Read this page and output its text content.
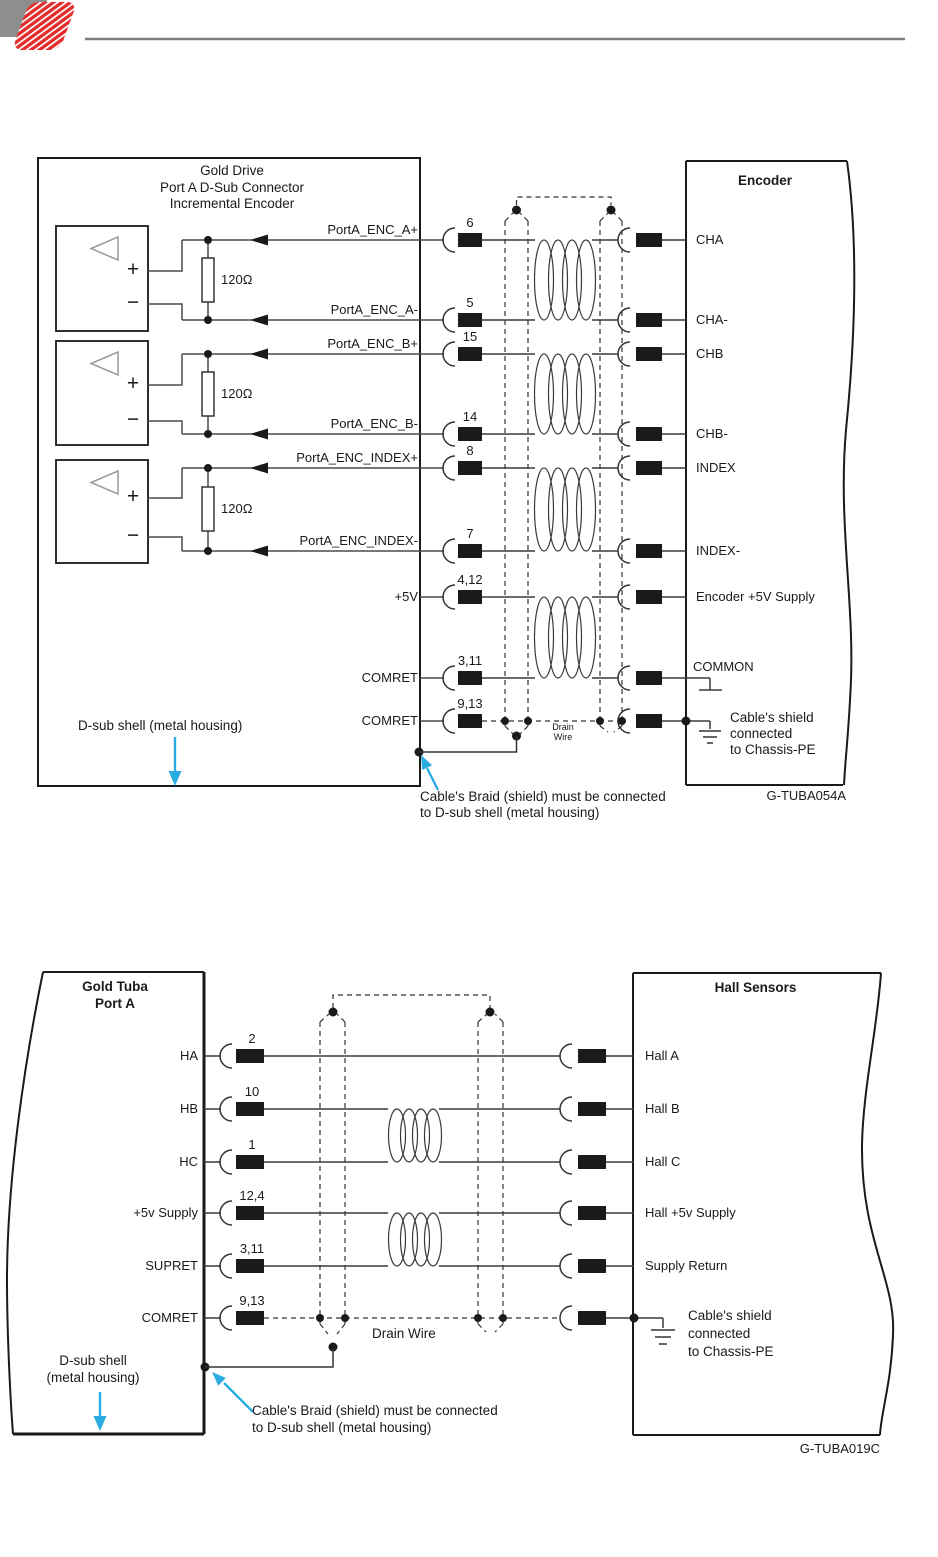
Gold Drive
Port A D-Sub Connector
Incremental Encoder
Encoder
+
−
+
−
+
−
120Ω
120Ω
120Ω
PortA_ENC_A+
PortA_ENC_A-
PortA_ENC_B+
PortA_ENC_B-
PortA_ENC_INDEX+
PortA_ENC_INDEX-
+5V
COMRET
COMRET
6
5
15
14
8
7
4,12
3,11
9,13
CHA
CHA-
CHB
CHB-
INDEX
INDEX-
Encoder +5V Supply
COMMON
Drain
Wire
Cable's shield
connected
to Chassis-PE
D-sub shell (metal housing)
Cable's Braid (shield) must be connected
to D-sub shell (metal housing)
G-TUBA054A
Gold Tuba
Port A
Hall Sensors
HA
HB
HC
+5v Supply
SUPRET
COMRET
2
10
1
12,4
3,11
9,13
Hall A
Hall B
Hall C
Hall +5v Supply
Supply Return
Drain Wire
Cable's shield
connected
to Chassis-PE
D-sub shell
(metal housing)
Cable's Braid (shield) must be connected
to D-sub shell (metal housing)
G-TUBA019C
